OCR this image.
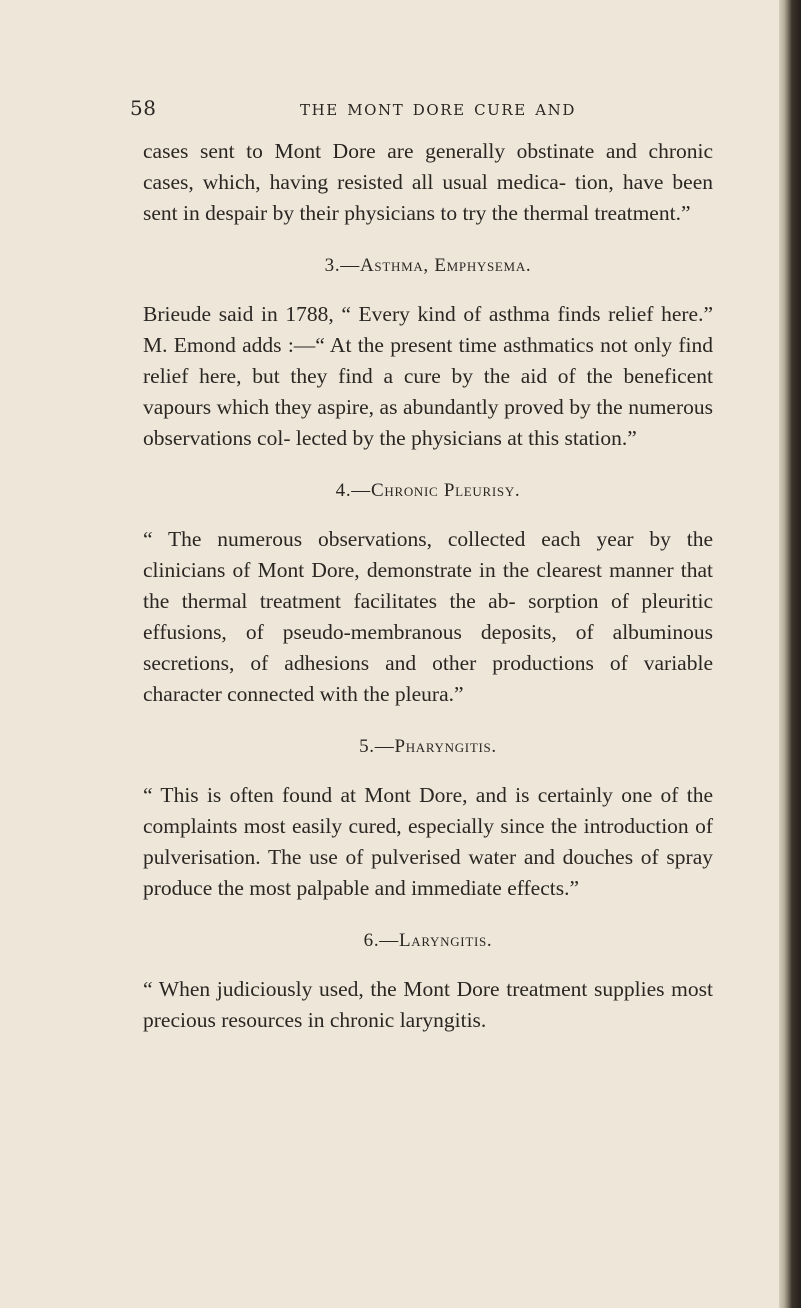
58	THE MONT DORE CURE AND

cases sent to Mont Dore are generally obstinate and chronic cases, which, having resisted all usual medica- tion, have been sent in despair by their physicians to try the thermal treatment.”

3.—Asthma, Emphysema.

Brieude said in 1788, “ Every kind of asthma finds relief here.” M. Emond adds :—“ At the present time asthmatics not only find relief here, but they find a cure by the aid of the beneficent vapours which they aspire, as abundantly proved by the numerous observations col- lected by the physicians at this station.”

4.—Chronic Pleurisy.

“ The numerous observations, collected each year by the clinicians of Mont Dore, demonstrate in the clearest manner that the thermal treatment facilitates the ab- sorption of pleuritic effusions, of pseudo-membranous deposits, of albuminous secretions, of adhesions and other productions of variable character connected with the pleura.”

5.—Pharyngitis.

“ This is often found at Mont Dore, and is certainly one of the complaints most easily cured, especially since the introduction of pulverisation. The use of pulverised water and douches of spray produce the most palpable and immediate effects.”

6.—Laryngitis.

“ When judiciously used, the Mont Dore treatment supplies most precious resources in chronic laryngitis.
